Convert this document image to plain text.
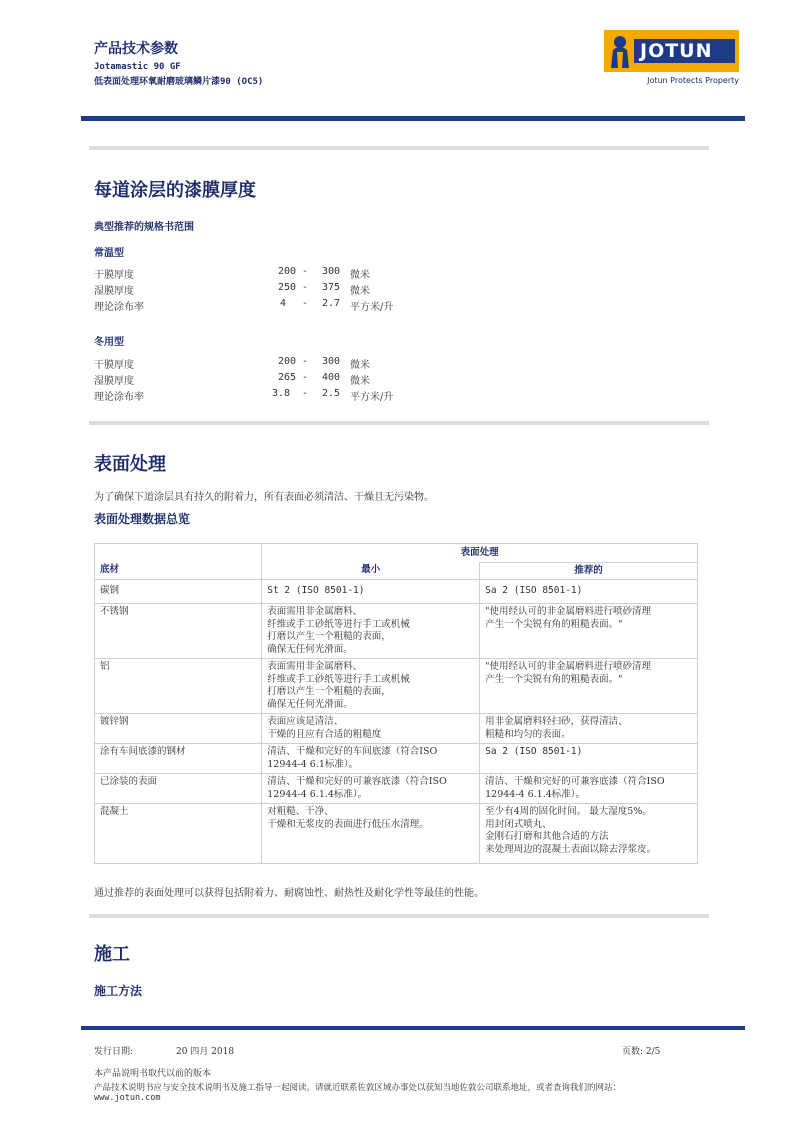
产品技术参数
Jotamastic 90 GF
低表面处理环氧耐磨玻璃鳞片漆90 (OC5)
JOTUN
Jotun Protects Property
每道涂层的漆膜厚度
典型推荐的规格书范围
常温型
干膜厚度	200 - 300 微米
湿膜厚度	250 - 375 微米
理论涂布率	4 - 2.7 平方米/升
冬用型
干膜厚度	200 - 300 微米
湿膜厚度	265 - 400 微米
理论涂布率	3.8 - 2.5 平方米/升
表面处理
为了确保下道涂层具有持久的附着力，所有表面必须清洁、干燥且无污染物。
表面处理数据总览
	表面处理	
底材	最小	推荐的
碳钢	St 2 (ISO 8501-1)	Sa 2 (ISO 8501-1)

不锈钢	表面需用非金属磨料、
纤维或手工砂纸等进行手工或机械
打磨以产生一个粗糙的表面，
确保无任何光滑面。	"使用经认可的非金属磨料进行喷砂清理
产生一个尖锐有角的粗糙表面。"

铝	表面需用非金属磨料、
纤维或手工砂纸等进行手工或机械
打磨以产生一个粗糙的表面，
确保无任何光滑面。	"使用经认可的非金属磨料进行喷砂清理
产生一个尖锐有角的粗糙表面。"

镀锌钢	表面应该是清洁、
干燥的且应有合适的粗糙度	用非金属磨料轻扫砂，获得清洁、
粗糙和均匀的表面。

涂有车间底漆的钢材	清洁、干燥和完好的车间底漆（符合ISO
12944-4 6.1标准）。	Sa 2 (ISO 8501-1)

已涂装的表面	清洁、干燥和完好的可兼容底漆（符合ISO
12944-4 6.1.4标准）。	清洁、干燥和完好的可兼容底漆（符合ISO
12944-4 6.1.4标准）。

混凝土	对粗糙、干净、
干燥和无浆皮的表面进行低压水清理。	至少有4周的固化时间。 最大湿度5%。
用封闭式喷丸、
金刚石打磨和其他合适的方法
来处理周边的混凝土表面以除去浮浆皮。
通过推荐的表面处理可以获得包括附着力、耐腐蚀性、耐热性及耐化学性等最佳的性能。
施工
施工方法
发行日期:	20 四月 2018	页数: 2/5
本产品说明书取代以前的版本
产品技术说明书应与安全技术说明书及施工指导一起阅读。请就近联系佐敦区域办事处以获知当地佐敦公司联系地址，或者查询我们的网站：
www.jotun.com
